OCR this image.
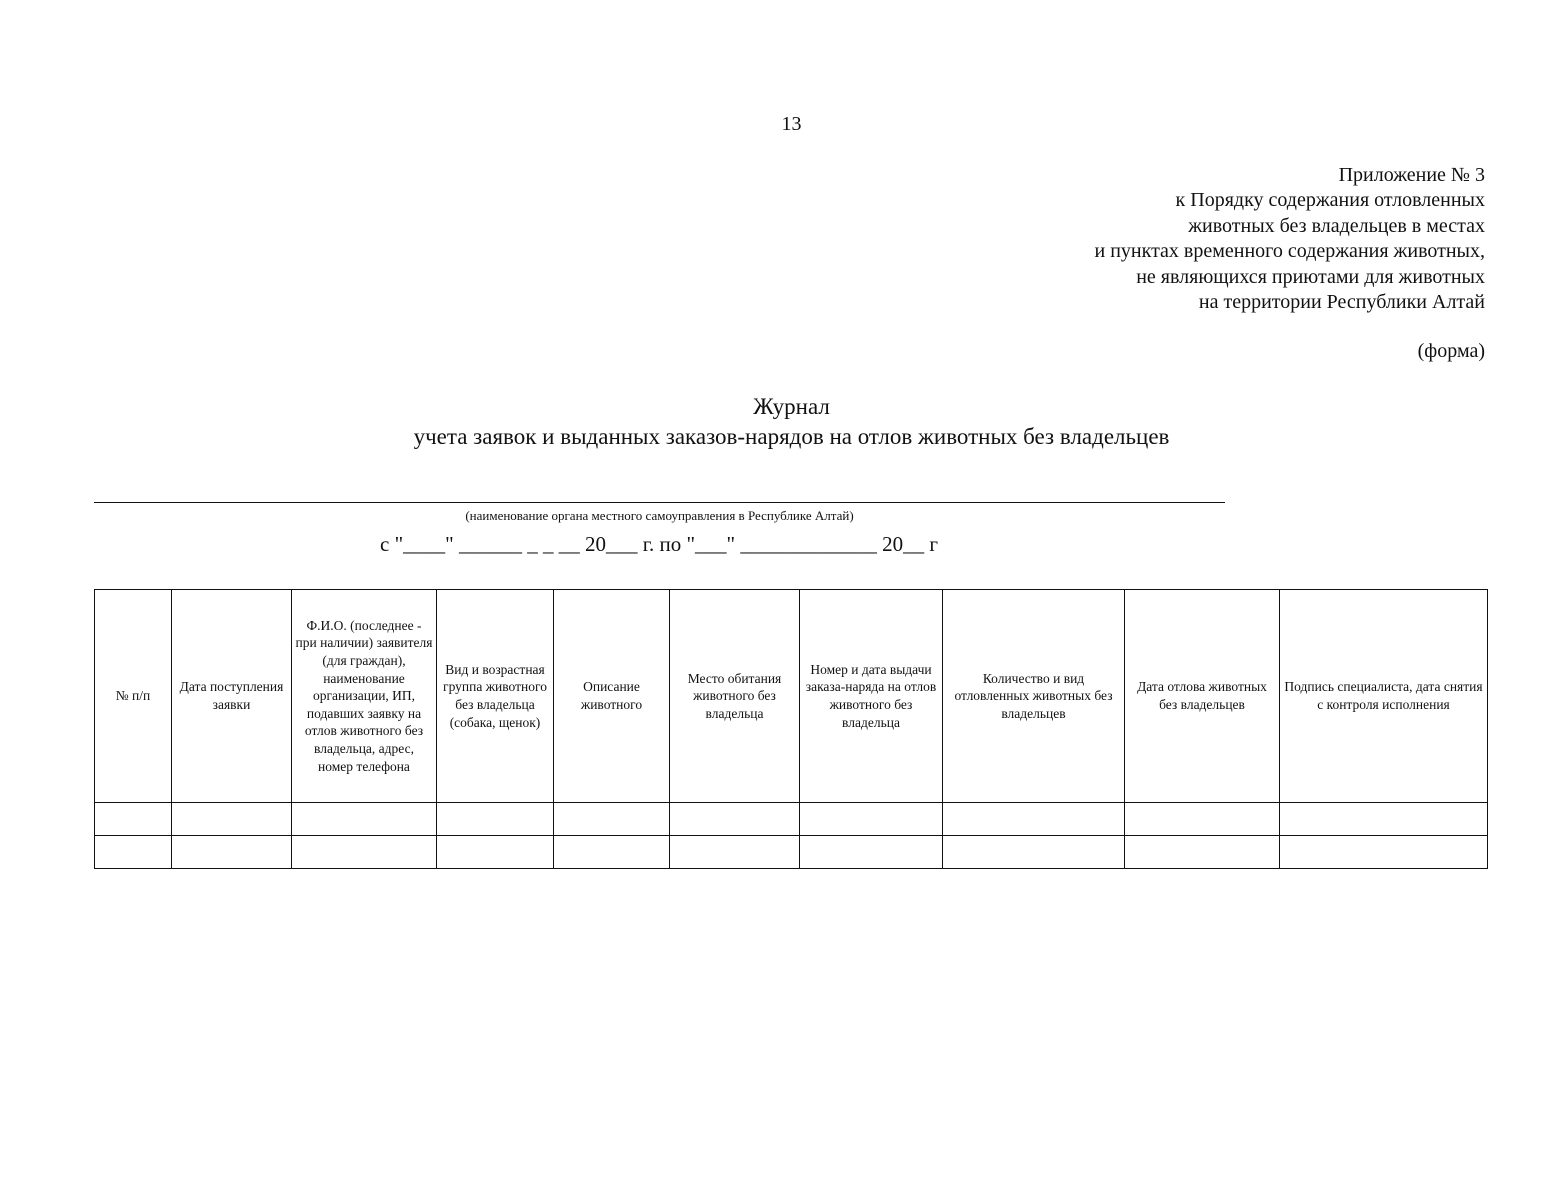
13
Приложение № 3
к Порядку содержания отловленных
животных без владельцев в местах
и пунктах временного содержания животных,
не являющихся приютами для животных
на территории Республики Алтай
(форма)
Журнал
учета заявок и выданных заказов-нарядов на отлов животных без владельцев
(наименование органа местного самоуправления в Республике Алтай)
с "____" ______ _ _ __ 20___ г. по "___" _____________ 20__ г
№ п/п	Дата поступления заявки	Ф.И.О. (последнее - при наличии) заявителя (для граждан), наименование организации, ИП, подавших заявку на отлов животного без владельца, адрес, номер телефона	Вид и возрастная группа животного без владельца (собака, щенок)	Описание животного	Место обитания животного без владельца	Номер и дата выдачи заказа-наряда на отлов животного без владельца	Количество и вид отловленных животных без владельцев	Дата отлова животных без владельцев	Подпись специалиста, дата снятия с контроля исполнения
